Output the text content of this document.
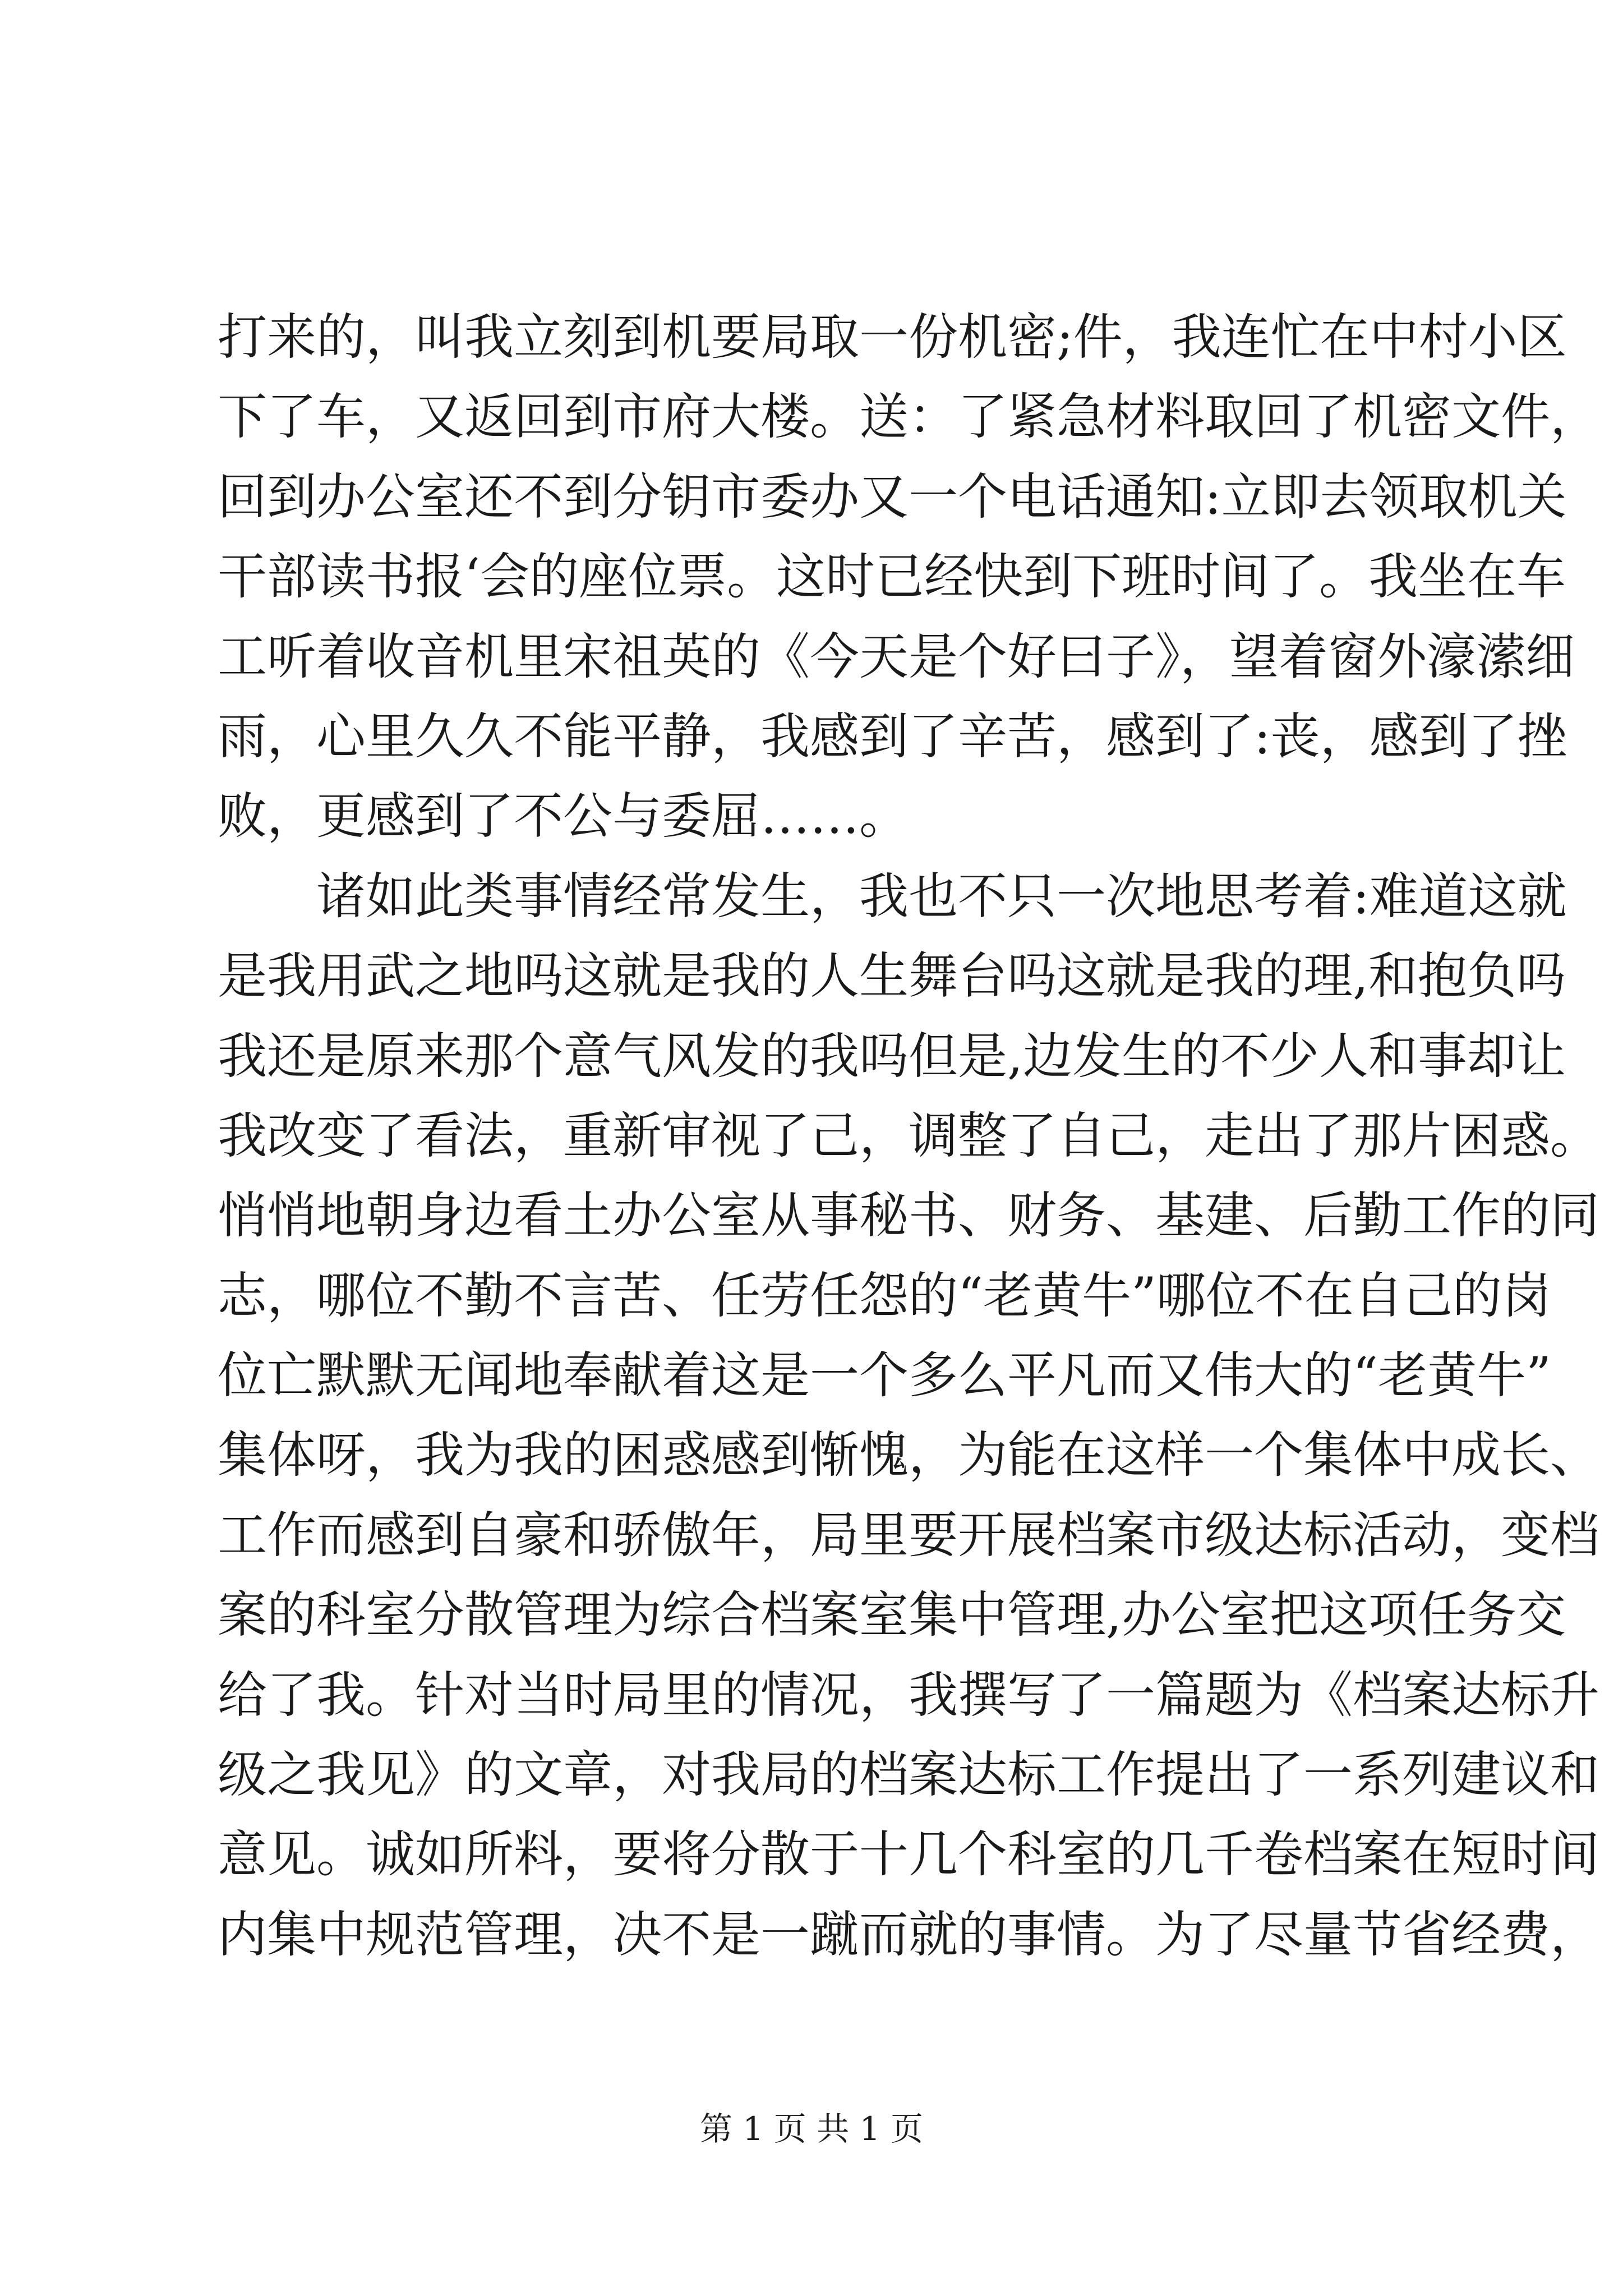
打来的，叫我立刻到机要局取一份机密;件，我连忙在中村小区
下了车，又返回到市府大楼。送：了紧急材料取回了机密文件，
回到办公室还不到分钥市委办又一个电话通知:立即去领取机关
干部读书报‘会的座位票。这时已经快到下班时间了。我坐在车
工听着收音机里宋祖英的《今天是个好曰子》，望着窗外濠潆细
雨，心里久久不能平静，我感到了辛苦，感到了:丧，感到了挫
败，更感到了不公与委屈……。
诸如此类事情经常发生，我也不只一次地思考着:难道这就
是我用武之地吗这就是我的人生舞台吗这就是我的理,和抱负吗
我还是原来那个意气风发的我吗但是,边发生的不少人和事却让
我改变了看法，重新审视了己，调整了自己，走出了那片困惑。
悄悄地朝身边看土办公室从事秘书、财务、基建、后勤工作的同
志，哪位不勤不言苦、任劳任怨的“老黄牛”哪位不在自己的岗
位亡默默无闻地奉献着这是一个多么平凡而又伟大的“老黄牛”
集体呀，我为我的困惑感到惭愧，为能在这样一个集体中成长、
工作而感到自豪和骄傲年，局里要开展档案市级达标活动，变档
案的科室分散管理为综合档案室集中管理,办公室把这项任务交
给了我。针对当时局里的情况，我撰写了一篇题为《档案达标升
级之我见》的文章，对我局的档案达标工作提出了一系列建议和
意见。诚如所料，要将分散于十几个科室的几千卷档案在短时间
内集中规范管理，决不是一蹴而就的事情。为了尽量节省经费，
第 1 页 共 1 页
